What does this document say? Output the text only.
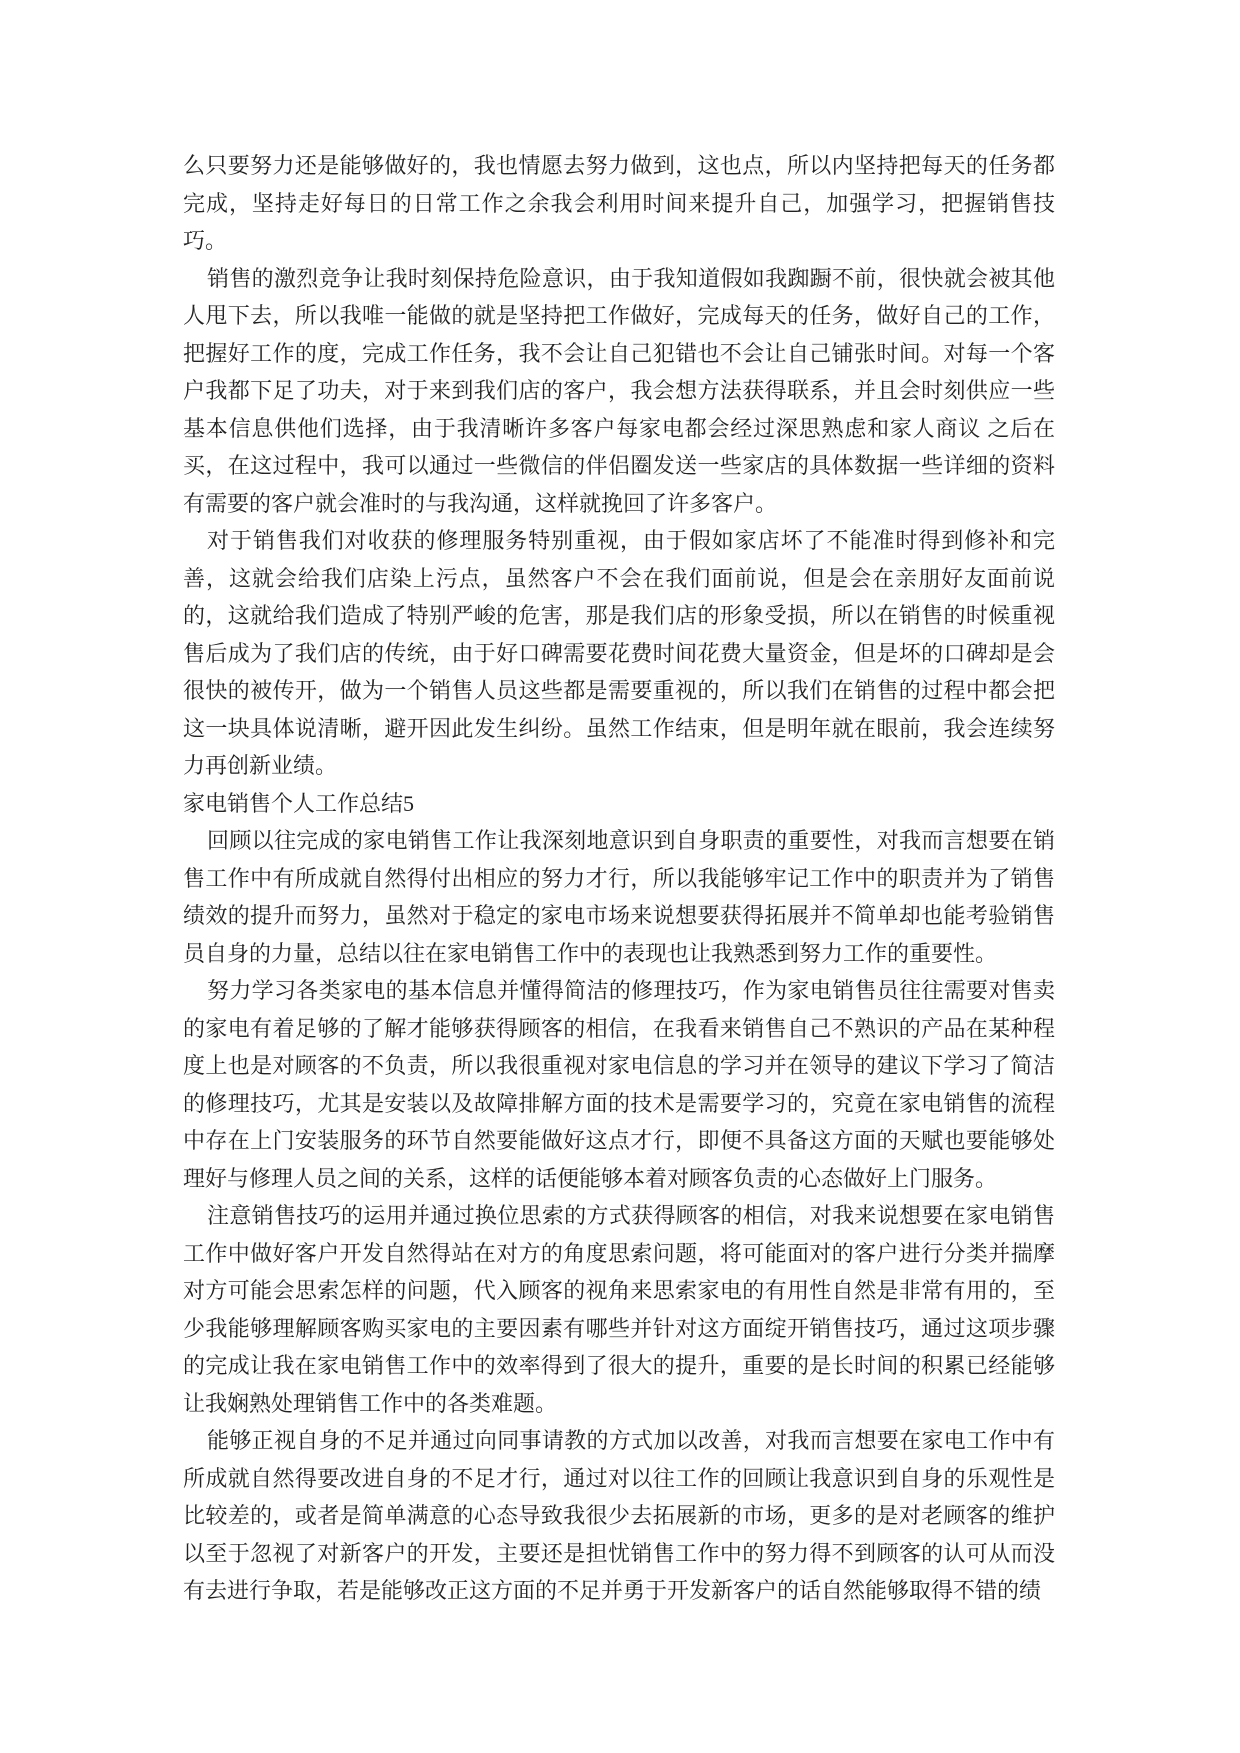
么只要努力还是能够做好的，我也情愿去努力做到，这也点，所以内坚持把每天的任务都完成，坚持走好每日的日常工作之余我会利用时间来提升自己，加强学习，把握销售技巧。

销售的激烈竞争让我时刻保持危险意识，由于我知道假如我踟蹰不前，很快就会被其他人甩下去，所以我唯一能做的就是坚持把工作做好，完成每天的任务，做好自己的工作，把握好工作的度，完成工作任务，我不会让自己犯错也不会让自己铺张时间。对每一个客户我都下足了功夫，对于来到我们店的客户，我会想方法获得联系，并且会时刻供应一些基本信息供他们选择，由于我清晰许多客户每家电都会经过深思熟虑和家人商议 之后在买，在这过程中，我可以通过一些微信的伴侣圈发送一些家店的具体数据一些详细的资料有需要的客户就会准时的与我沟通，这样就挽回了许多客户。

对于销售我们对收获的修理服务特别重视，由于假如家店坏了不能准时得到修补和完善，这就会给我们店染上污点，虽然客户不会在我们面前说，但是会在亲朋好友面前说的，这就给我们造成了特别严峻的危害，那是我们店的形象受损，所以在销售的时候重视售后成为了我们店的传统，由于好口碑需要花费时间花费大量资金，但是坏的口碑却是会很快的被传开，做为一个销售人员这些都是需要重视的，所以我们在销售的过程中都会把这一块具体说清晰，避开因此发生纠纷。虽然工作结束，但是明年就在眼前，我会连续努力再创新业绩。

家电销售个人工作总结5

回顾以往完成的家电销售工作让我深刻地意识到自身职责的重要性，对我而言想要在销售工作中有所成就自然得付出相应的努力才行，所以我能够牢记工作中的职责并为了销售绩效的提升而努力，虽然对于稳定的家电市场来说想要获得拓展并不简单却也能考验销售员自身的力量，总结以往在家电销售工作中的表现也让我熟悉到努力工作的重要性。

努力学习各类家电的基本信息并懂得简洁的修理技巧，作为家电销售员往往需要对售卖的家电有着足够的了解才能够获得顾客的相信，在我看来销售自己不熟识的产品在某种程度上也是对顾客的不负责，所以我很重视对家电信息的学习并在领导的建议下学习了简洁的修理技巧，尤其是安装以及故障排解方面的技术是需要学习的，究竟在家电销售的流程中存在上门安装服务的环节自然要能做好这点才行，即便不具备这方面的天赋也要能够处理好与修理人员之间的关系，这样的话便能够本着对顾客负责的心态做好上门服务。

注意销售技巧的运用并通过换位思索的方式获得顾客的相信，对我来说想要在家电销售工作中做好客户开发自然得站在对方的角度思索问题，将可能面对的客户进行分类并揣摩对方可能会思索怎样的问题，代入顾客的视角来思索家电的有用性自然是非常有用的，至少我能够理解顾客购买家电的主要因素有哪些并针对这方面绽开销售技巧，通过这项步骤的完成让我在家电销售工作中的效率得到了很大的提升，重要的是长时间的积累已经能够让我娴熟处理销售工作中的各类难题。

能够正视自身的不足并通过向同事请教的方式加以改善，对我而言想要在家电工作中有所成就自然得要改进自身的不足才行，通过对以往工作的回顾让我意识到自身的乐观性是比较差的，或者是简单满意的心态导致我很少去拓展新的市场，更多的是对老顾客的维护以至于忽视了对新客户的开发，主要还是担忧销售工作中的努力得不到顾客的认可从而没有去进行争取，若是能够改正这方面的不足并勇于开发新客户的话自然能够取得不错的绩
